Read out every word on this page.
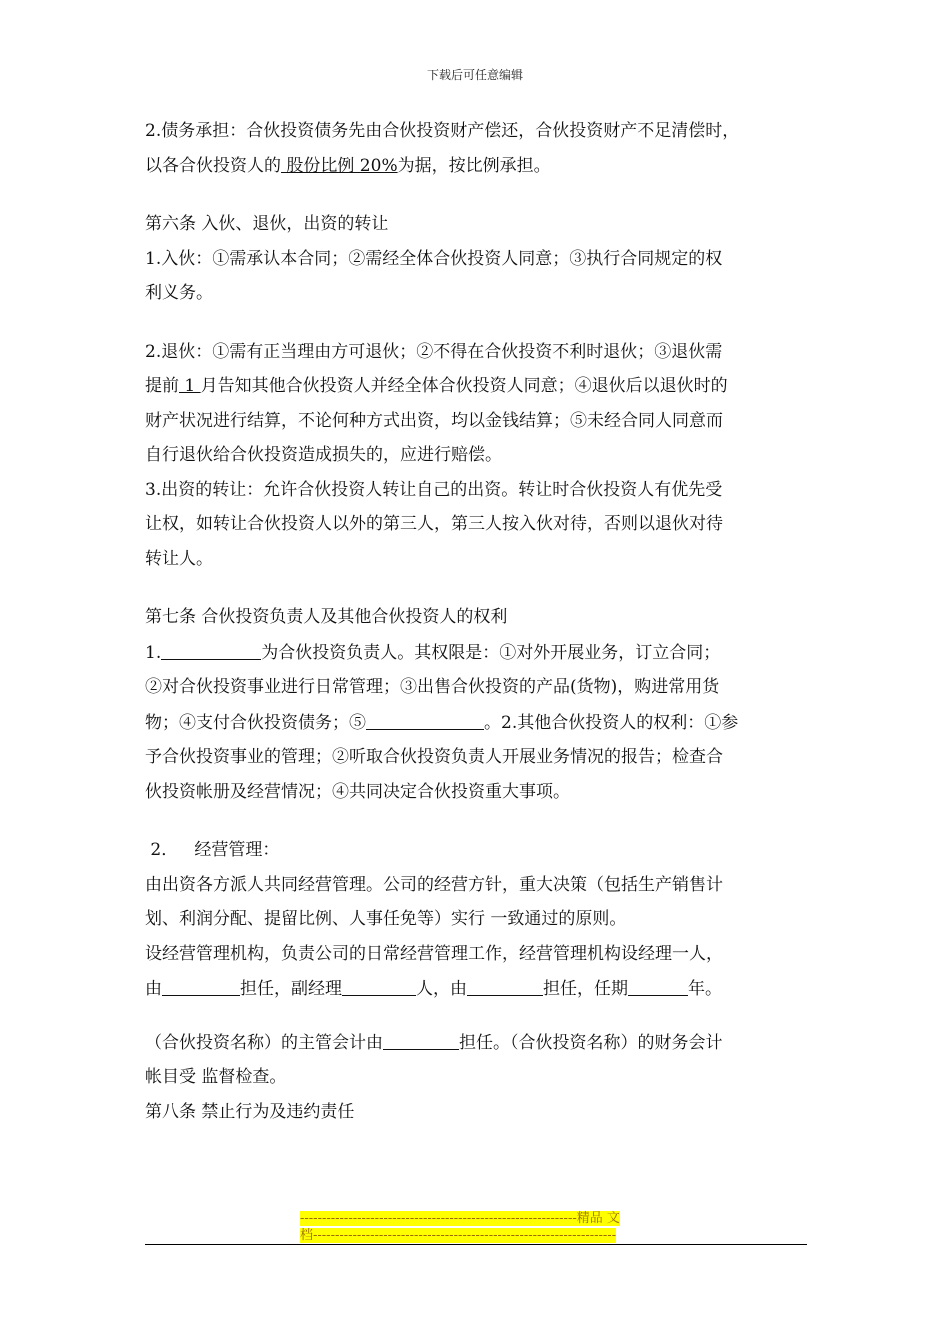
下载后可任意编辑

2.债务承担：合伙投资债务先由合伙投资财产偿还，合伙投资财产不足清偿时，

以各合伙投资人的 股份比例 20%为据，按比例承担。

第六条 入伙、退伙，出资的转让

1.入伙：①需承认本合同；②需经全体合伙投资人同意；③执行合同规定的权

利义务。

2.退伙：①需有正当理由方可退伙；②不得在合伙投资不利时退伙；③退伙需

提前 1 月告知其他合伙投资人并经全体合伙投资人同意；④退伙后以退伙时的

财产状况进行结算，不论何种方式出资，均以金钱结算；⑤未经合同人同意而

自行退伙给合伙投资造成损失的，应进行赔偿。

3.出资的转让：允许合伙投资人转让自己的出资。转让时合伙投资人有优先受

让权，如转让合伙投资人以外的第三人，第三人按入伙对待，否则以退伙对待

转让人。

第七条 合伙投资负责人及其他合伙投资人的权利

1.	为合伙投资负责人。其权限是：①对外开展业务，订立合同；

②对合伙投资事业进行日常管理；③出售合伙投资的产品(货物)，购进常用货

物；④支付合伙投资债务；⑤	。2.其他合伙投资人的权利：①参

予合伙投资事业的管理；②听取合伙投资负责人开展业务情况的报告；检查合

伙投资帐册及经营情况；④共同决定合伙投资重大事项。

2．   经营管理：

由出资各方派人共同经营管理。公司的经营方针，重大决策（包括生产销售计

划、利润分配、提留比例、人事任免等）实行 一致通过的原则。

设经营管理机构，负责公司的日常经营管理工作，经营管理机构设经理一人，

由	担任，副经理	人，由	担任，任期	年。

（合伙投资名称）的主管会计由	担任。（合伙投资名称）的财务会计

帐目受 监督检查。

第八条 禁止行为及违约责任

---------------------------------------------------------------精品 文
档---------------------------------------------------------------------
